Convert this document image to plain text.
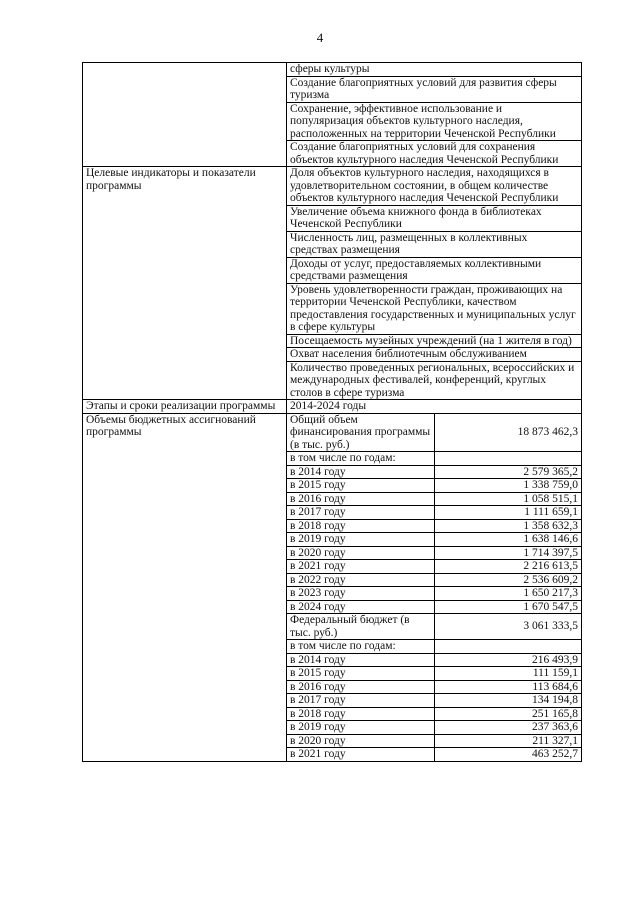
4
	сферы культуры	
	Создание благоприятных условий для развития сферы туризма	
	Сохранение, эффективное использование и популяризация объектов культурного наследия, расположенных на территории Чеченской Республики	
	Создание благоприятных условий для сохранения объектов культурного наследия Чеченской Республики	
Целевые индикаторы и показатели программы	Доля объектов культурного наследия, находящихся в удовлетворительном состоянии, в общем количестве объектов культурного наследия Чеченской Республики	
	Увеличение объема книжного фонда в библиотеках Чеченской Республики	
	Численность лиц, размещенных в коллективных средствах размещения	
	Доходы от услуг, предоставляемых коллективными средствами размещения	
	Уровень удовлетворенности граждан, проживающих на территории Чеченской Республики, качеством предоставления государственных и муниципальных услуг в сфере культуры	
	Посещаемость музейных учреждений (на 1 жителя в год)	
	Охват населения библиотечным обслуживанием	
	Количество проведенных региональных, всероссийских и международных фестивалей, конференций, круглых столов в сфере туризма	
Этапы и сроки реализации программы	2014-2024 годы	
Объемы бюджетных ассигнований программы	Общий объем финансирования программы (в тыс. руб.)	18 873 462,3
	в том числе по годам:	
	в 2014 году	2 579 365,2
	в 2015 году	1 338 759,0
	в 2016 году	1 058 515,1
	в 2017 году	1 111 659,1
	в 2018 году	1 358 632,3
	в 2019 году	1 638 146,6
	в 2020 году	1 714 397,5
	в 2021 году	2 216 613,5
	в 2022 году	2 536 609,2
	в 2023 году	1 650 217,3
	в 2024 году	1 670 547,5
	Федеральный бюджет (в тыс. руб.)	3 061 333,5
	в том числе по годам:	
	в 2014 году	216 493,9
	в 2015 году	111 159,1
	в 2016 году	113 684,6
	в 2017 году	134 194,8
	в 2018 году	251 165,8
	в 2019 году	237 363,6
	в 2020 году	211 327,1
	в 2021 году	463 252,7
